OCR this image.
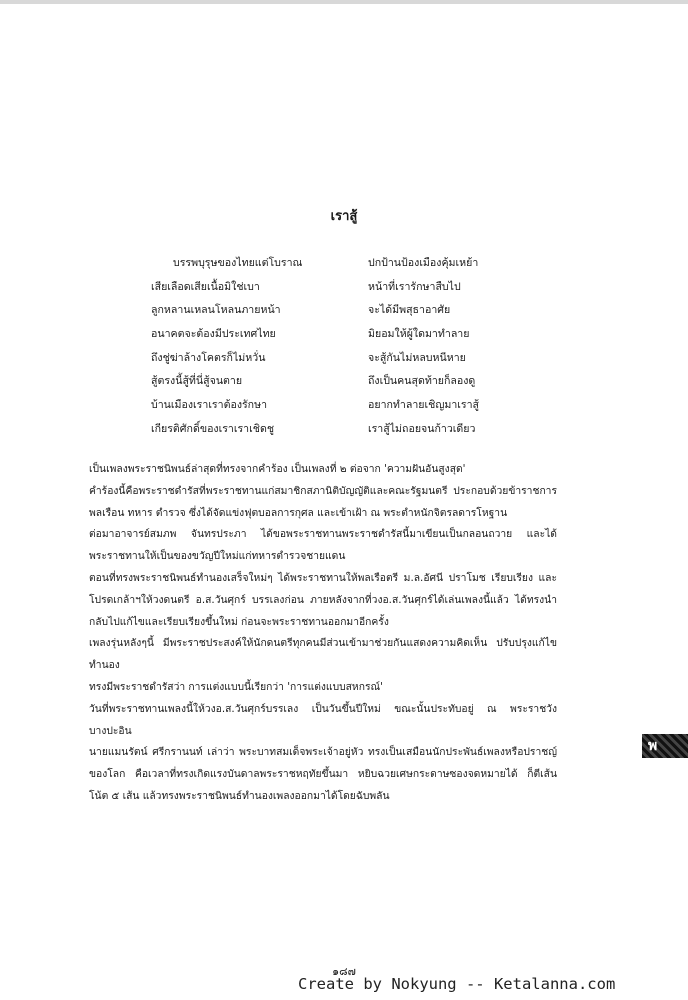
เราสู้
บรรพบุรุษของไทยแต่โบราณ	ปกป้านป้องเมืองคุ้มเหย้า
เสียเลือดเสียเนื้อมิใช่เบา	หน้าที่เรารักษาสืบไป
ลูกหลานเหลนโหลนภายหน้า	จะได้มีพสุธาอาศัย
อนาคตจะต้องมีประเทศไทย	มิยอมให้ผู้ใดมาทำลาย
ถึงชู่ฆ่าล้างโคตรก็ไม่หวั่น	จะสู้กันไม่หลบหนีหาย
สู้ตรงนี้สู้ที่นี่สู้จนตาย	ถึงเป็นคนสุดท้ายก็ลองดู
บ้านเมืองเราเราต้องรักษา	อยากทำลายเชิญมาเราสู้
เกียรติศักดิ์ของเราเราเชิดชู	เราสู้ไม่ถอยจนก้าวเดียว

เป็นเพลงพระราชนิพนธ์ล่าสุดที่ทรงจากคำร้อง เป็นเพลงที่ ๒ ต่อจาก 'ความฝันอันสูงสุด'

คำร้องนี้คือพระราชดำรัสที่พระราชทานแก่สมาชิกสภานิติบัญญัติและคณะรัฐมนตรี ประกอบด้วยข้าราชการ พลเรือน ทหาร ตำรวจ ซึ่งได้จัดแข่งฟุตบอลการกุศล และเข้าเฝ้า ณ พระตำหนักจิตรลดารโหฐาน

ต่อมาอาจารย์สมภพ จันทรประภา ได้ขอพระราชทานพระราชดำรัสนี้มาเขียนเป็นกลอนถวาย และได้พระราชทานให้เป็นของขวัญปีใหม่แก่ทหารตำรวจชายแดน

ตอนที่ทรงพระราชนิพนธ์ทำนองเสร็จใหม่ๆ ได้พระราชทานให้พลเรือตรี ม.ล.อัศนี ปราโมช เรียบเรียง และโปรดเกล้าฯให้วงดนตรี อ.ส.วันศุกร์ บรรเลงก่อน ภายหลังจากที่วงอ.ส.วันศุกร์ได้เล่นเพลงนี้แล้ว ได้ทรงนำกลับไปแก้ไขและเรียบเรียงขึ้นใหม่ ก่อนจะพระราชทานออกมาอีกครั้ง

เพลงรุ่นหลังๆนี้ มีพระราชประสงค์ให้นักดนตรีทุกคนมีส่วนเข้ามาช่วยกันแสดงความคิดเห็น ปรับปรุงแก้ไขทำนอง

ทรงมีพระราชดำรัสว่า การแต่งแบบนี้เรียกว่า 'การแต่งแบบสหกรณ์'

วันที่พระราชทานเพลงนี้ให้วงอ.ส.วันศุกร์บรรเลง เป็นวันขึ้นปีใหม่ ขณะนั้นประทับอยู่ ณ พระราชวังบางปะอิน

นายแมนรัตน์ ศรีกรานนท์ เล่าว่า พระบาทสมเด็จพระเจ้าอยู่หัว ทรงเป็นเสมือนนักประพันธ์เพลงหรือปราชญ์ของโลก คือเวลาที่ทรงเกิดแรงบันดาลพระราชหฤทัยขึ้นมา หยิบฉวยเศษกระดาษซองจดหมายได้ ก็ตีเส้นโน้ต ๕ เส้น แล้วทรงพระราชนิพนธ์ทำนองเพลงออกมาได้โดยฉับพลัน

พ
๑๘๗
Create by Nokyung -- Ketalanna.com
